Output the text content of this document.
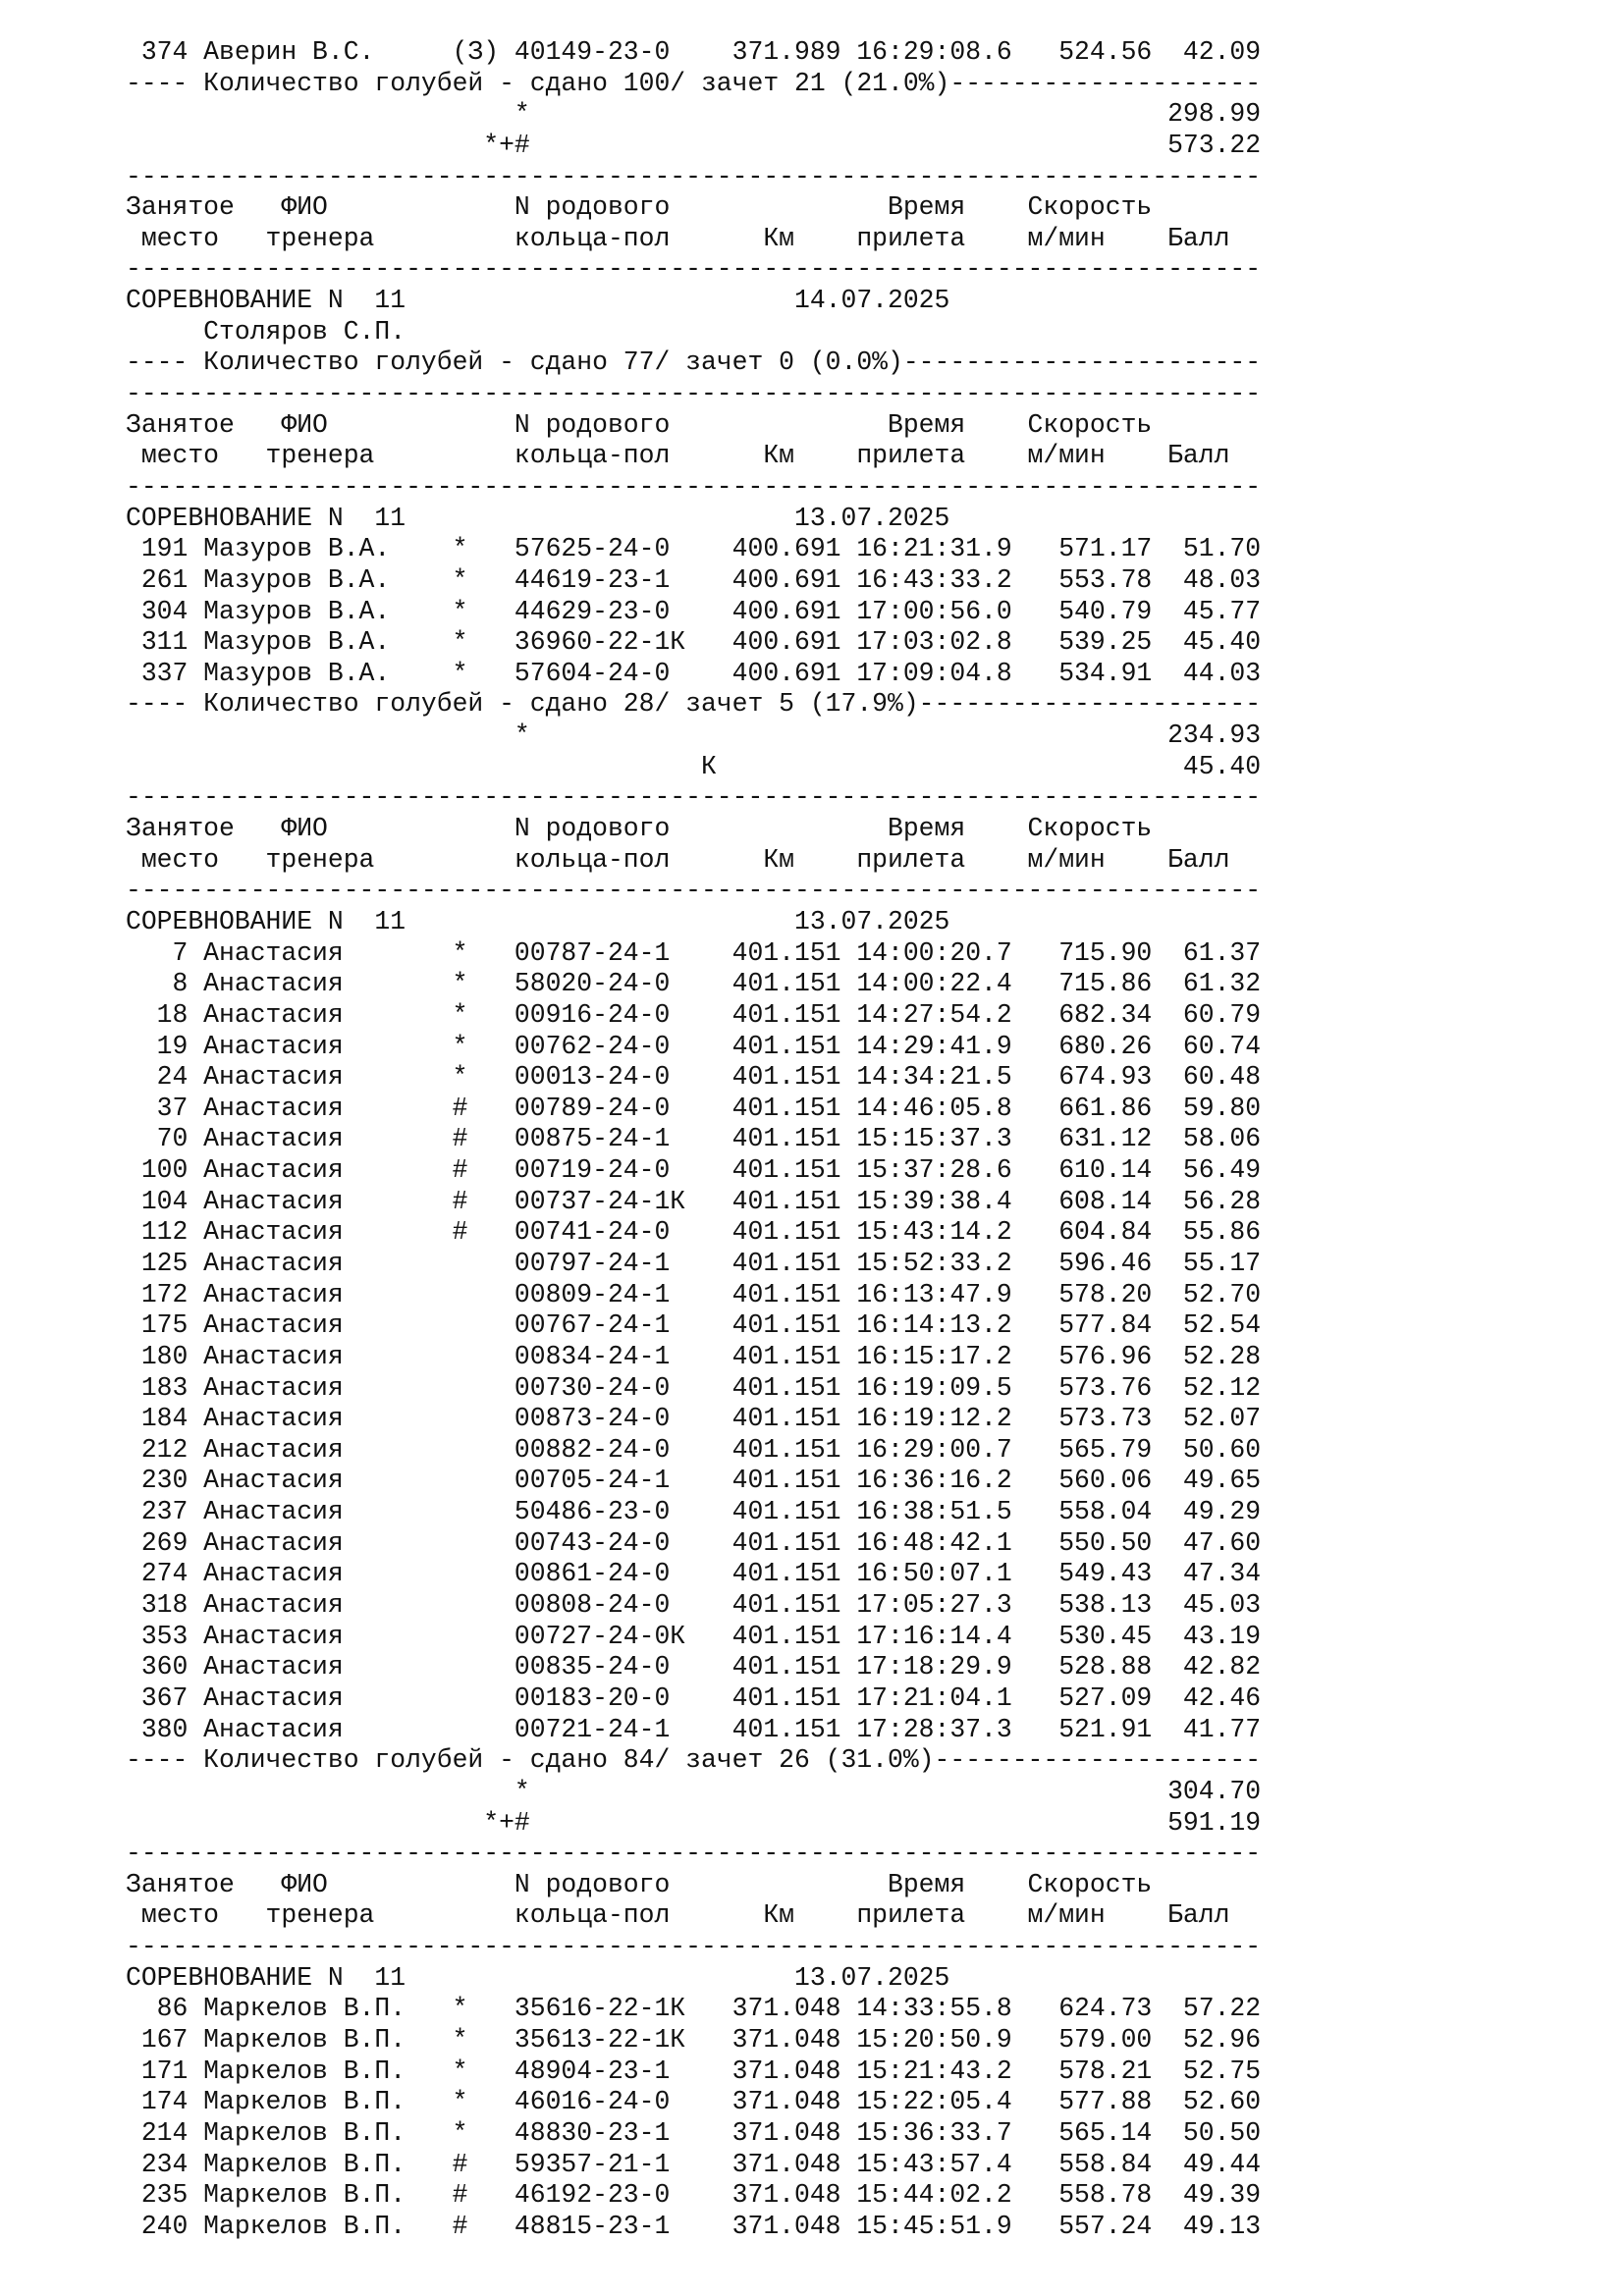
374 Аверин В.С.     (З) 40149-23-0    371.989 16:29:08.6   524.56  42.09
---- Количество голубей - сдано 100/ зачет 21 (21.0%)--------------------
*                                         298.99
*+#                                         573.22
-------------------------------------------------------------------------
Занятое   ФИО            N родового              Время    Скорость
место   тренера         кольца-пол      Км    прилета    м/мин    Балл
-------------------------------------------------------------------------
СОРЕВНОВАНИЕ N  11                         14.07.2025
Столяров С.П.
---- Количество голубей - сдано 77/ зачет 0 (0.0%)-----------------------
-------------------------------------------------------------------------
Занятое   ФИО            N родового              Время    Скорость
место   тренера         кольца-пол      Км    прилета    м/мин    Балл
-------------------------------------------------------------------------
СОРЕВНОВАНИЕ N  11                         13.07.2025
191 Мазуров В.А.    *   57625-24-0    400.691 16:21:31.9   571.17  51.70
261 Мазуров В.А.    *   44619-23-1    400.691 16:43:33.2   553.78  48.03
304 Мазуров В.А.    *   44629-23-0    400.691 17:00:56.0   540.79  45.77
311 Мазуров В.А.    *   36960-22-1К   400.691 17:03:02.8   539.25  45.40
337 Мазуров В.А.    *   57604-24-0    400.691 17:09:04.8   534.91  44.03
---- Количество голубей - сдано 28/ зачет 5 (17.9%)----------------------
*                                         234.93
К                              45.40
-------------------------------------------------------------------------
Занятое   ФИО            N родового              Время    Скорость
место   тренера         кольца-пол      Км    прилета    м/мин    Балл
-------------------------------------------------------------------------
СОРЕВНОВАНИЕ N  11                         13.07.2025
7 Анастасия       *   00787-24-1    401.151 14:00:20.7   715.90  61.37
8 Анастасия       *   58020-24-0    401.151 14:00:22.4   715.86  61.32
18 Анастасия       *   00916-24-0    401.151 14:27:54.2   682.34  60.79
19 Анастасия       *   00762-24-0    401.151 14:29:41.9   680.26  60.74
24 Анастасия       *   00013-24-0    401.151 14:34:21.5   674.93  60.48
37 Анастасия       #   00789-24-0    401.151 14:46:05.8   661.86  59.80
70 Анастасия       #   00875-24-1    401.151 15:15:37.3   631.12  58.06
100 Анастасия       #   00719-24-0    401.151 15:37:28.6   610.14  56.49
104 Анастасия       #   00737-24-1К   401.151 15:39:38.4   608.14  56.28
112 Анастасия       #   00741-24-0    401.151 15:43:14.2   604.84  55.86
125 Анастасия           00797-24-1    401.151 15:52:33.2   596.46  55.17
172 Анастасия           00809-24-1    401.151 16:13:47.9   578.20  52.70
175 Анастасия           00767-24-1    401.151 16:14:13.2   577.84  52.54
180 Анастасия           00834-24-1    401.151 16:15:17.2   576.96  52.28
183 Анастасия           00730-24-0    401.151 16:19:09.5   573.76  52.12
184 Анастасия           00873-24-0    401.151 16:19:12.2   573.73  52.07
212 Анастасия           00882-24-0    401.151 16:29:00.7   565.79  50.60
230 Анастасия           00705-24-1    401.151 16:36:16.2   560.06  49.65
237 Анастасия           50486-23-0    401.151 16:38:51.5   558.04  49.29
269 Анастасия           00743-24-0    401.151 16:48:42.1   550.50  47.60
274 Анастасия           00861-24-0    401.151 16:50:07.1   549.43  47.34
318 Анастасия           00808-24-0    401.151 17:05:27.3   538.13  45.03
353 Анастасия           00727-24-0К   401.151 17:16:14.4   530.45  43.19
360 Анастасия           00835-24-0    401.151 17:18:29.9   528.88  42.82
367 Анастасия           00183-20-0    401.151 17:21:04.1   527.09  42.46
380 Анастасия           00721-24-1    401.151 17:28:37.3   521.91  41.77
---- Количество голубей - сдано 84/ зачет 26 (31.0%)---------------------
*                                         304.70
*+#                                         591.19
-------------------------------------------------------------------------
Занятое   ФИО            N родового              Время    Скорость
место   тренера         кольца-пол      Км    прилета    м/мин    Балл
-------------------------------------------------------------------------
СОРЕВНОВАНИЕ N  11                         13.07.2025
86 Маркелов В.П.   *   35616-22-1К   371.048 14:33:55.8   624.73  57.22
167 Маркелов В.П.   *   35613-22-1К   371.048 15:20:50.9   579.00  52.96
171 Маркелов В.П.   *   48904-23-1    371.048 15:21:43.2   578.21  52.75
174 Маркелов В.П.   *   46016-24-0    371.048 15:22:05.4   577.88  52.60
214 Маркелов В.П.   *   48830-23-1    371.048 15:36:33.7   565.14  50.50
234 Маркелов В.П.   #   59357-21-1    371.048 15:43:57.4   558.84  49.44
235 Маркелов В.П.   #   46192-23-0    371.048 15:44:02.2   558.78  49.39
240 Маркелов В.П.   #   48815-23-1    371.048 15:45:51.9   557.24  49.13
